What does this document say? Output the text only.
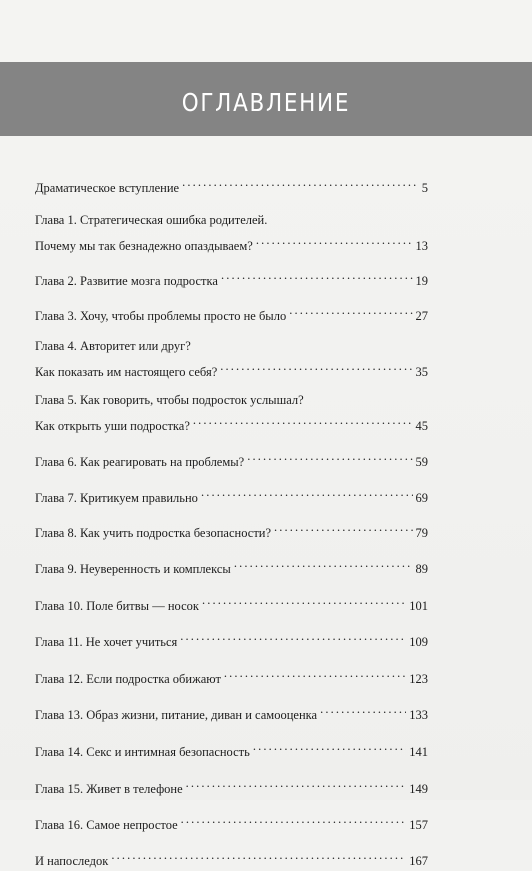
ОГЛАВЛЕНИЕ
Драматическое вступление . . .	5
Глава 1. Стратегическая ошибка родителей.
Почему мы так безнадежно опаздываем? . . .	13
Глава 2. Развитие мозга подростка . . .	19
Глава 3. Хочу, чтобы проблемы просто не было . . .	27
Глава 4. Авторитет или друг?
Как показать им настоящего себя? . . .	35
Глава 5. Как говорить, чтобы подросток услышал?
Как открыть уши подростка? . . .	45
Глава 6. Как реагировать на проблемы? . . .	59
Глава 7. Критикуем правильно . . .	69
Глава 8. Как учить подростка безопасности? . . .	79
Глава 9. Неуверенность и комплексы . . .	89
Глава 10. Поле битвы — носок . . .	101
Глава 11. Не хочет учиться . . .	109
Глава 12. Если подростка обижают . . .	123
Глава 13. Образ жизни, питание, диван и самооценка . . .	133
Глава 14. Секс и интимная безопасность . . .	141
Глава 15. Живет в телефоне . . .	149
Глава 16. Самое непростое . . .	157
И напоследок . . .	167
